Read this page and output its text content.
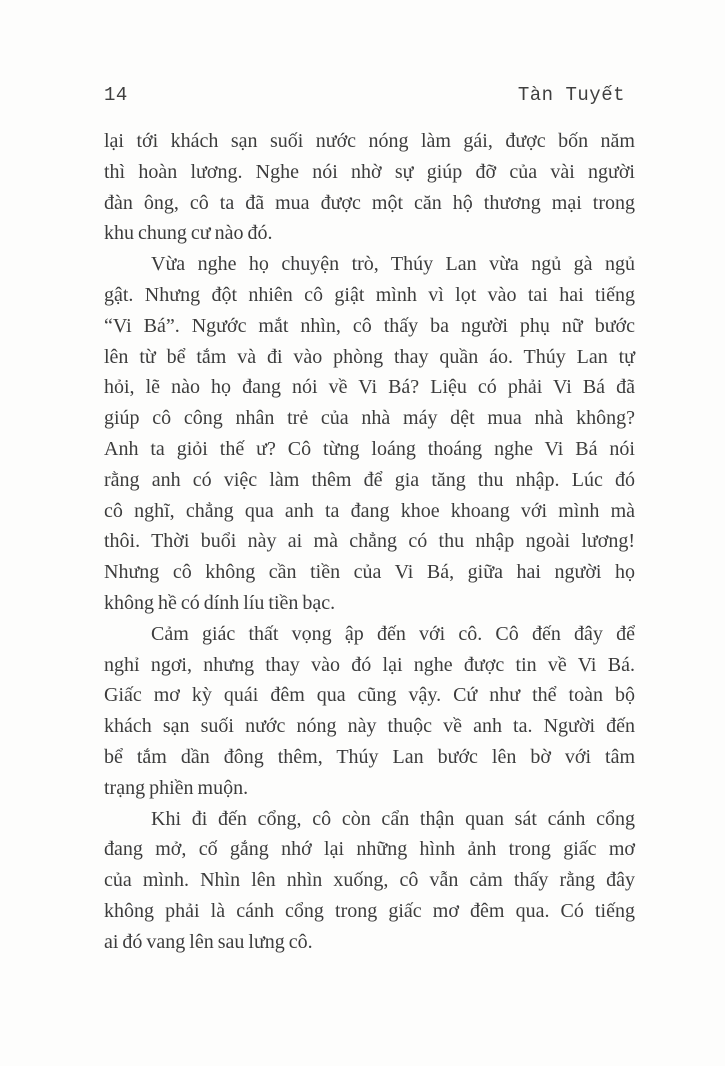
14	Tàn Tuyết
lại tới khách sạn suối nước nóng làm gái, được bốn năm
thì hoàn lương. Nghe nói nhờ sự giúp đỡ của vài người
đàn ông, cô ta đã mua được một căn hộ thương mại trong
khu chung cư nào đó.
Vừa nghe họ chuyện trò, Thúy Lan vừa ngủ gà ngủ
gật. Nhưng đột nhiên cô giật mình vì lọt vào tai hai tiếng
“Vi Bá”. Ngước mắt nhìn, cô thấy ba người phụ nữ bước
lên từ bể tắm và đi vào phòng thay quần áo. Thúy Lan tự
hỏi, lẽ nào họ đang nói về Vi Bá? Liệu có phải Vi Bá đã
giúp cô công nhân trẻ của nhà máy dệt mua nhà không?
Anh ta giỏi thế ư? Cô từng loáng thoáng nghe Vi Bá nói
rằng anh có việc làm thêm để gia tăng thu nhập. Lúc đó
cô nghĩ, chẳng qua anh ta đang khoe khoang với mình mà
thôi. Thời buổi này ai mà chẳng có thu nhập ngoài lương!
Nhưng cô không cần tiền của Vi Bá, giữa hai người họ
không hề có dính líu tiền bạc.
Cảm giác thất vọng ập đến với cô. Cô đến đây để
nghỉ ngơi, nhưng thay vào đó lại nghe được tin về Vi Bá.
Giấc mơ kỳ quái đêm qua cũng vậy. Cứ như thể toàn bộ
khách sạn suối nước nóng này thuộc về anh ta. Người đến
bể tắm dần đông thêm, Thúy Lan bước lên bờ với tâm
trạng phiền muộn.
Khi đi đến cổng, cô còn cẩn thận quan sát cánh cổng
đang mở, cố gắng nhớ lại những hình ảnh trong giấc mơ
của mình. Nhìn lên nhìn xuống, cô vẫn cảm thấy rằng đây
không phải là cánh cổng trong giấc mơ đêm qua. Có tiếng
ai đó vang lên sau lưng cô.
